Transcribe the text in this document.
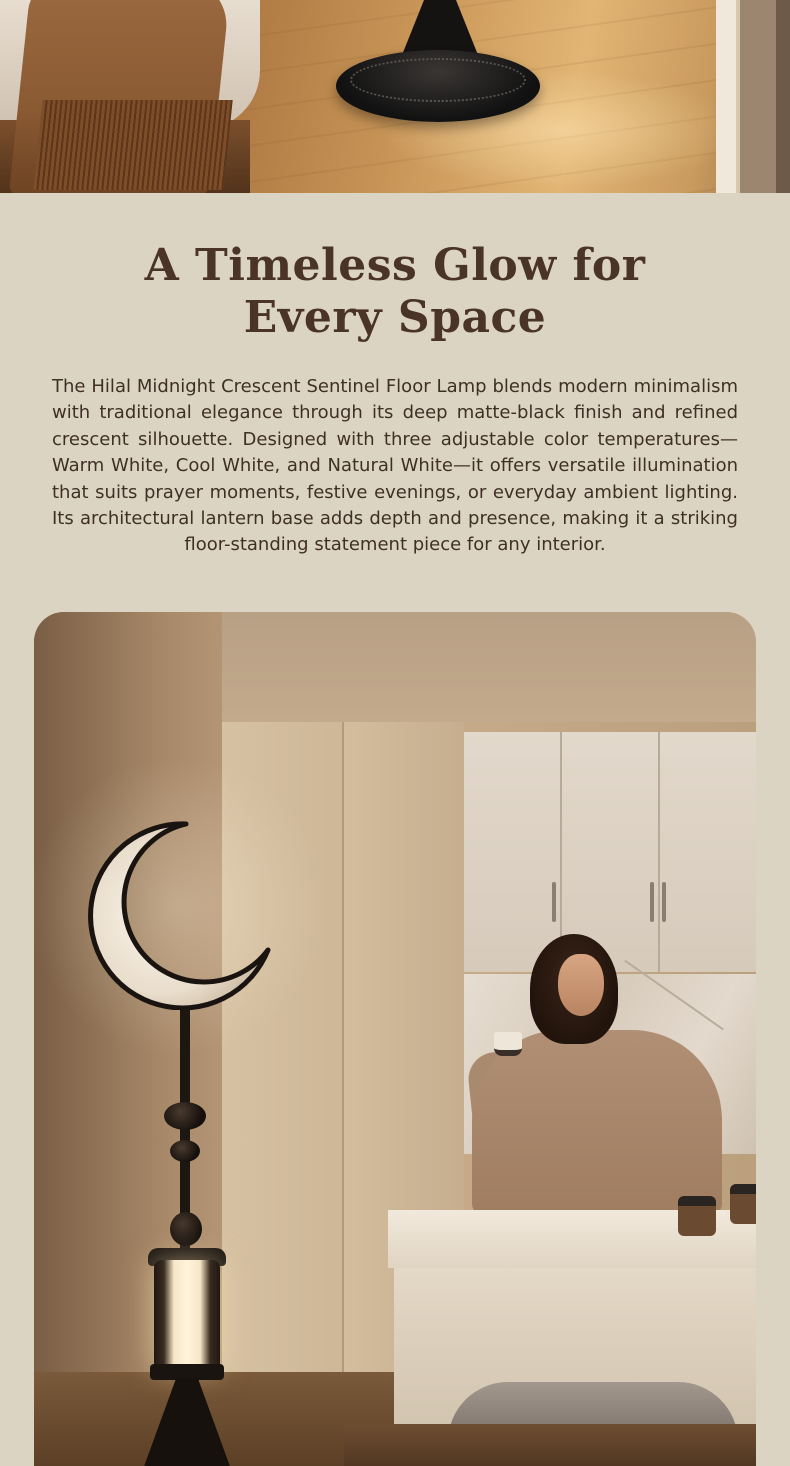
A Timeless Glow for
Every Space

The Hilal Midnight Crescent Sentinel Floor Lamp blends modern minimalism with traditional elegance through its deep matte-black finish and refined crescent silhouette. Designed with three adjustable color temperatures—Warm White, Cool White, and Natural White—it offers versatile illumination that suits prayer moments, festive evenings, or everyday ambient lighting. Its architectural lantern base adds depth and presence, making it a striking floor-standing statement piece for any interior.
